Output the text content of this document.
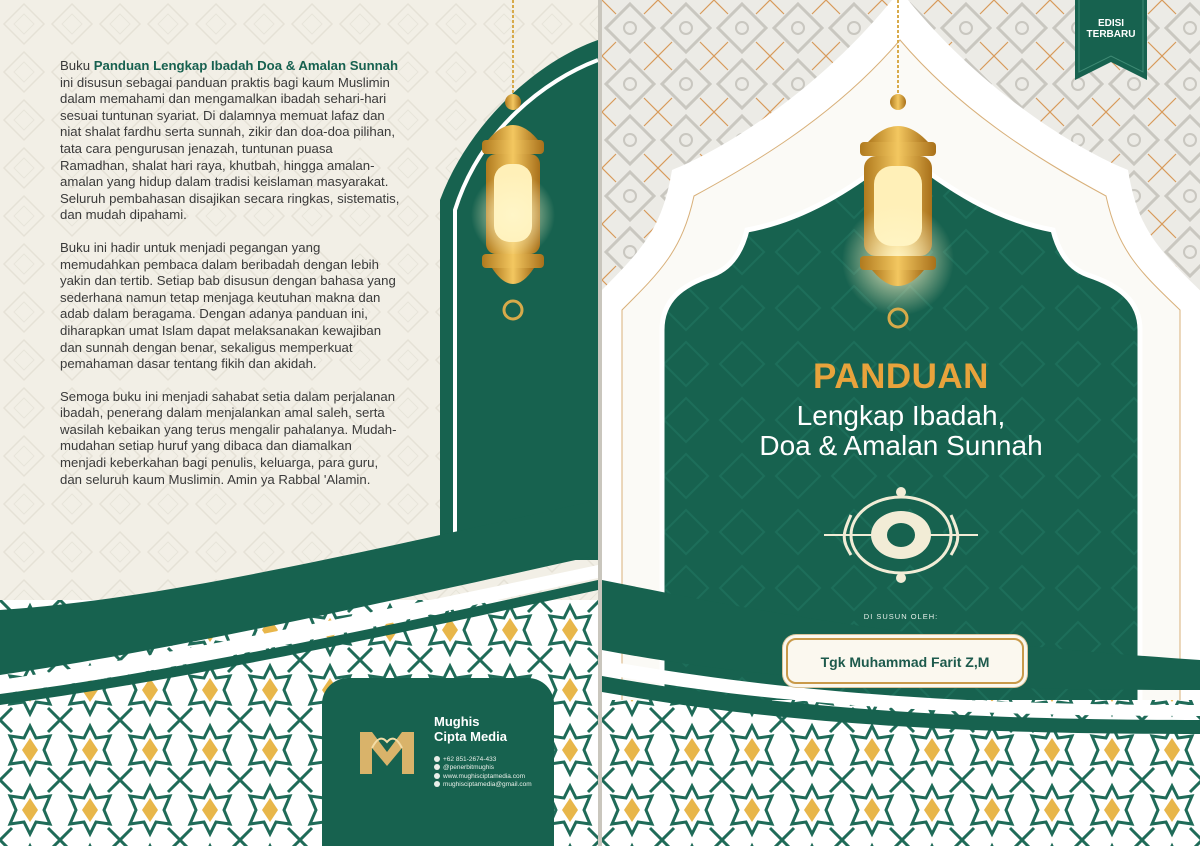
Buku Panduan Lengkap Ibadah Doa & Amalan Sunnah ini disusun sebagai panduan praktis bagi kaum Muslimin dalam memahami dan mengamalkan ibadah sehari-hari sesuai tuntunan syariat. Di dalamnya memuat lafaz dan niat shalat fardhu serta sunnah, zikir dan doa-doa pilihan, tata cara pengurusan jenazah, tuntunan puasa Ramadhan, shalat hari raya, khutbah, hingga amalan-amalan yang hidup dalam tradisi keislaman masyarakat. Seluruh pembahasan disajikan secara ringkas, sistematis, dan mudah dipahami.

Buku ini hadir untuk menjadi pegangan yang memudahkan pembaca dalam beribadah dengan lebih yakin dan tertib. Setiap bab disusun dengan bahasa yang sederhana namun tetap menjaga keutuhan makna dan adab dalam beragama. Dengan adanya panduan ini, diharapkan umat Islam dapat melaksanakan kewajiban dan sunnah dengan benar, sekaligus memperkuat pemahaman dasar tentang fikih dan akidah.

Semoga buku ini menjadi sahabat setia dalam perjalanan ibadah, penerang dalam menjalankan amal saleh, serta wasilah kebaikan yang terus mengalir pahalanya. Mudah-mudahan setiap huruf yang dibaca dan diamalkan menjadi keberkahan bagi penulis, keluarga, para guru, dan seluruh kaum Muslimin. Amin ya Rabbal 'Alamin.

Mughis
Cipta Media
+62 851-2674-433
@penerbitmughis
www.mughisciptamedia.com
mughisciptamedia@gmail.com
EDISI
TERBARU
PANDUAN
Lengkap Ibadah,
Doa & Amalan Sunnah
DI SUSUN OLEH:
Tgk Muhammad Farit Z,M
